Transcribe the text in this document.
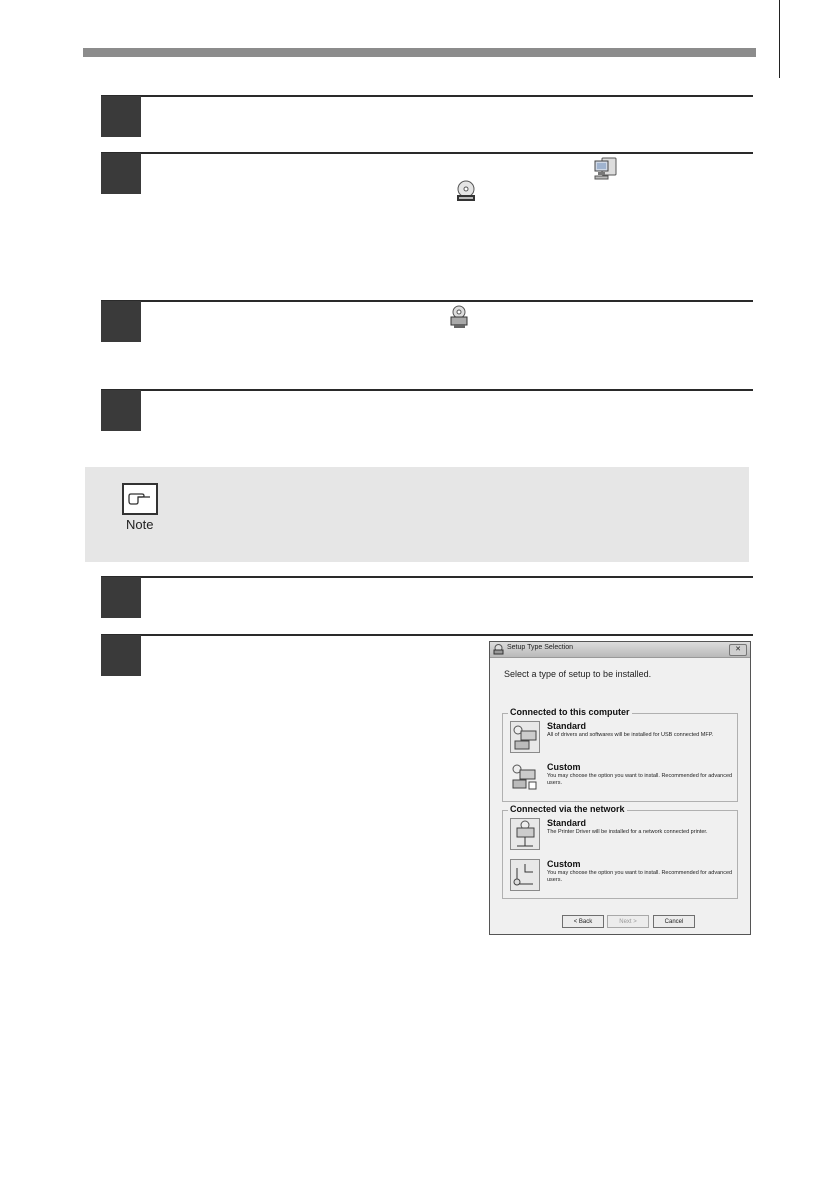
Note
Setup Type Selection	✕
Select a type of setup to be installed.
Connected to this computer
Standard
All of drivers and softwares will be installed for USB connected MFP.
Custom
You may choose the option you want to install. Recommended for advanced users.
Connected via the network
Standard
The Printer Driver will be installed for a network connected printer.
Custom
You may choose the option you want to install. Recommended for advanced users.
< Back	Next >	Cancel
